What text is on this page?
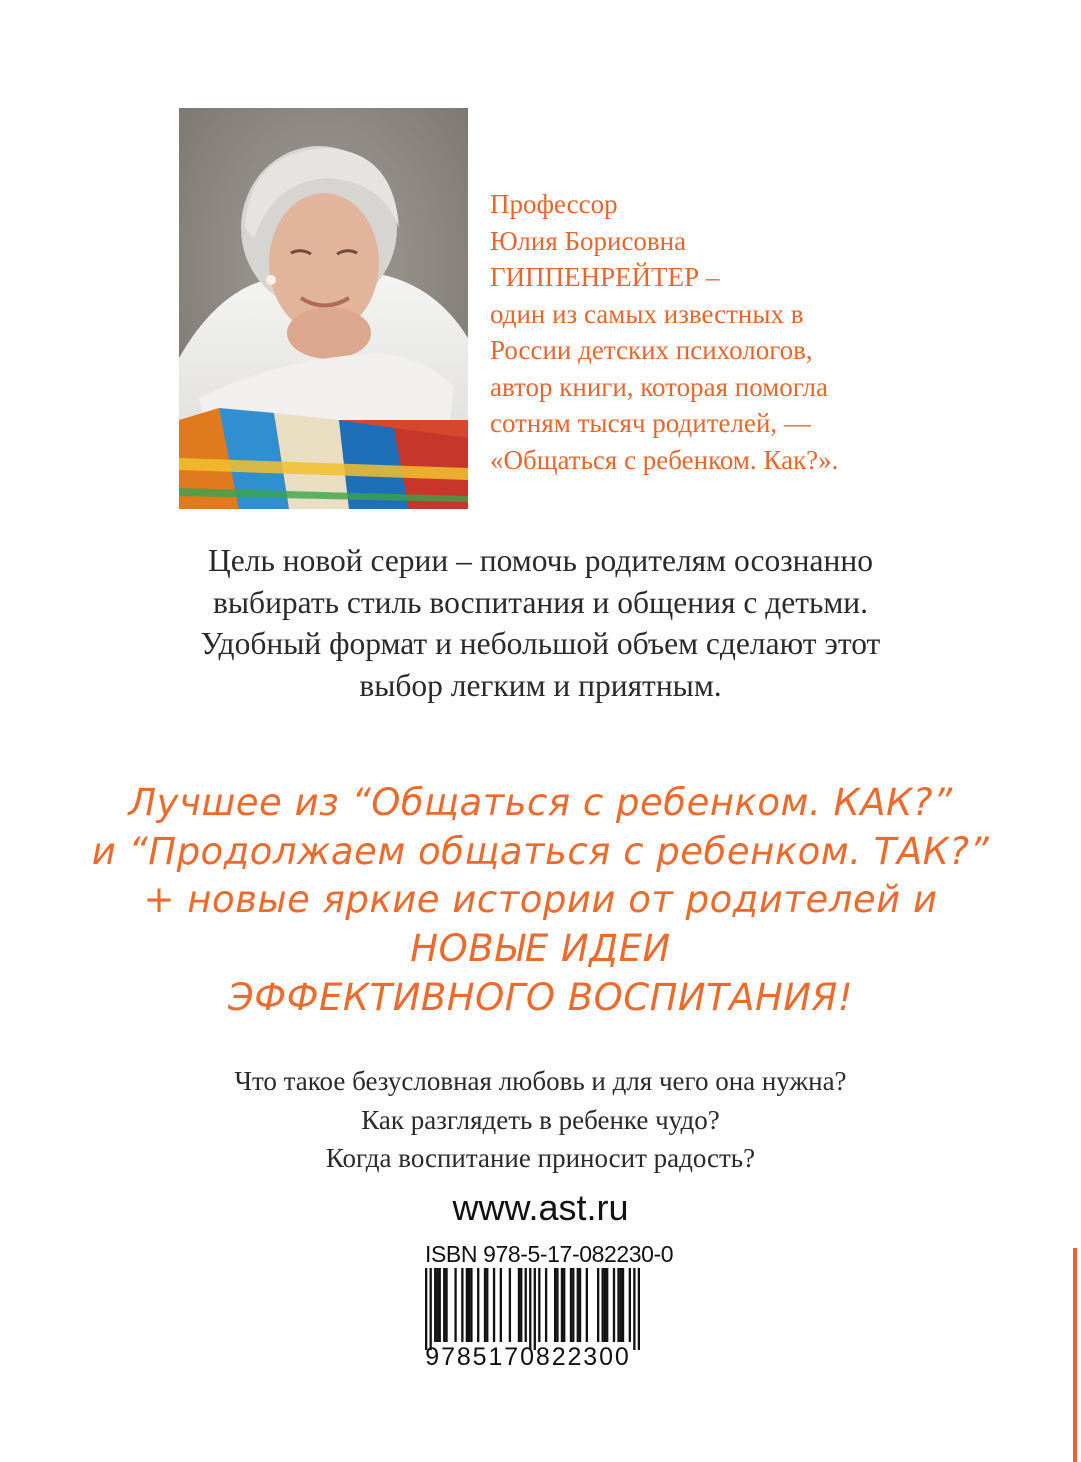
Профессор
Юлия Борисовна
ГИППЕНРЕЙТЕР –
один из самых известных в
России детских психологов,
автор книги, которая помогла
сотням тысяч родителей, —
«Общаться с ребенком. Как?».
Цель новой серии – помочь родителям осознанно
выбирать стиль воспитания и общения с детьми.
Удобный формат и небольшой объем сделают этот
выбор легким и приятным.
Лучшее из “Общаться с ребенком. КАК?”
и “Продолжаем общаться с ребенком. ТАК?”
+ новые яркие истории от родителей и
НОВЫЕ ИДЕИ
ЭФФЕКТИВНОГО ВОСПИТАНИЯ!
Что такое безусловная любовь и для чего она нужна?
Как разглядеть в ребенке чудо?
Когда воспитание приносит радость?
www.ast.ru
ISBN 978-5-17-082230-0
9785170822300
